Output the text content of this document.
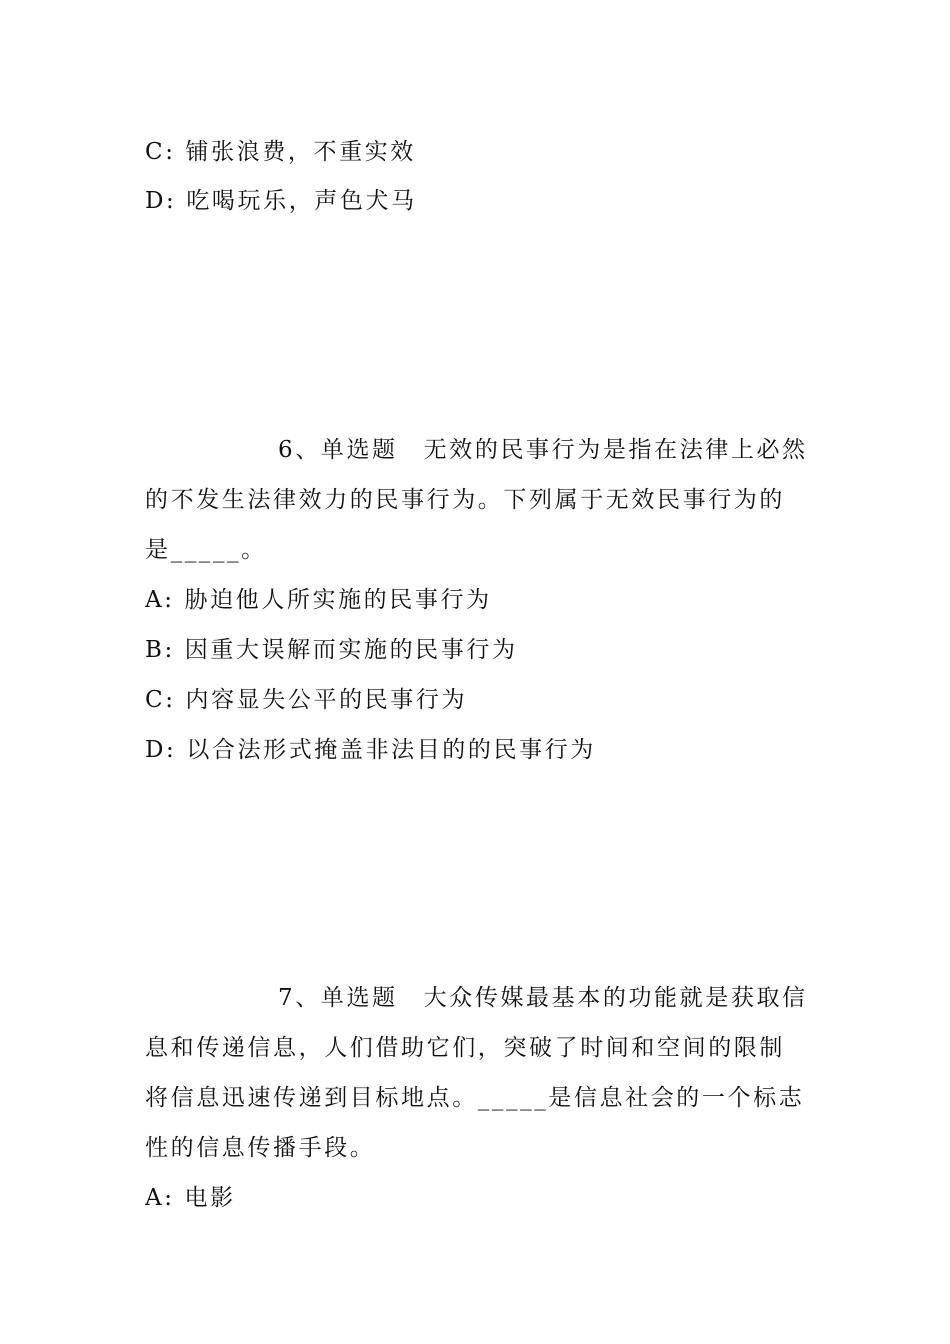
C: 铺张浪费，不重实效
D: 吃喝玩乐，声色犬马
6、单选题 无效的民事行为是指在法律上必然
的不发生法律效力的民事行为。下列属于无效民事行为的
是_____。
A: 胁迫他人所实施的民事行为
B: 因重大误解而实施的民事行为
C: 内容显失公平的民事行为
D: 以合法形式掩盖非法目的的民事行为
7、单选题 大众传媒最基本的功能就是获取信
息和传递信息，人们借助它们，突破了时间和空间的限制
将信息迅速传递到目标地点。_____是信息社会的一个标志
性的信息传播手段。
A: 电影
